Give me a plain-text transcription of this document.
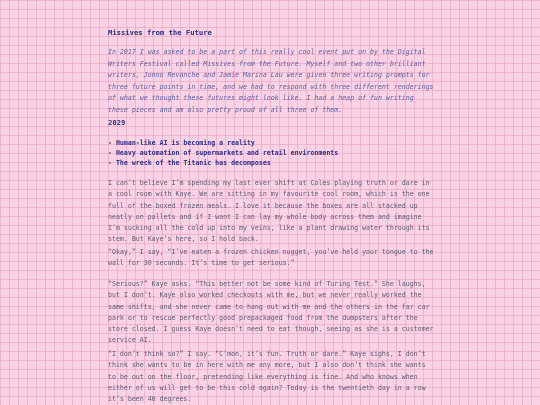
Missives from the Future
In 2017 I was asked to be a part of this really cool event put on by the Digital Writers Festival called Missives from the Future. Myself and two other brilliant writers, Jonno Revanche and Jamie Marina Lau were given three writing prompts for three future points in time, and we had to respond with three different renderings of what we thought these futures might look like. I had a heap of fun writing these pieces and am also pretty proud of all three of them.
2029
- Human-like AI is becoming a reality
- Heavy automation of supermarkets and retail environments
- The wreck of the Titanic has decomposes

I can’t believe I’m spending my last ever shift at Coles playing truth or dare in a cool room with Kaye. We are sitting in my favourite cool room, which is the one full of the boxed frozen meals. I love it because the boxes are all stacked up neatly on pallets and if I want I can lay my whole body across them and imagine I’m sucking all the cold up into my veins, like a plant drawing water through its stem. But Kaye’s here, so I hold back.

“Okay,” I say, “I’ve eaten a frozen chicken nugget, you’ve held your tongue to the wall for 30 seconds. It’s time to get serious.”

“Serious?” Kaye asks. “This better not be some kind of Turing Test.” She laughs, but I don’t. Kaye also worked checkouts with me, but we never really worked the same shifts, and she never came to hang out with me and the others in the far car park or to rescue perfectly good prepackaged food from the dumpsters after the store closed. I guess Kaye doesn’t need to eat though, seeing as she is a customer service AI.

“I don’t think so?” I say. “C’mon, it’s fun. Truth or dare.” Kaye sighs, I don’t think she wants to be in here with me any more, but I also don’t think she wants to be out on the floor, pretending like everything is fine. And who knows when either of us will get to be this cold again? Today is the twentieth day in a row it’s been 40 degrees.
